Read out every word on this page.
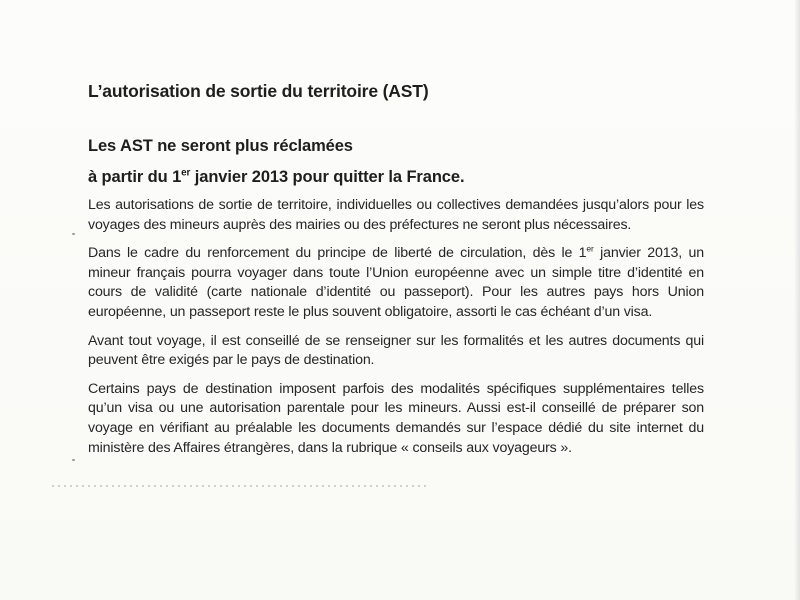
L’autorisation de sortie du territoire (AST)

Les AST ne seront plus réclamées

à partir du 1er janvier 2013 pour quitter la France.

Les autorisations de sortie de territoire, individuelles ou collectives demandées jusqu’alors pour les voyages des mineurs auprès des mairies ou des préfectures ne seront plus nécessaires.

Dans le cadre du renforcement du principe de liberté de circulation, dès le 1er janvier 2013, un mineur français pourra voyager dans toute l’Union européenne avec un simple titre d’identité en cours de validité (carte nationale d’identité ou passeport). Pour les autres pays hors Union européenne, un passeport reste le plus souvent obligatoire, assorti le cas échéant d’un visa.

Avant tout voyage, il est conseillé de se renseigner sur les formalités et les autres documents qui peuvent être exigés par le pays de destination.

Certains pays de destination imposent parfois des modalités spécifiques supplémentaires telles qu’un visa ou une autorisation parentale pour les mineurs. Aussi est-il conseillé de préparer son voyage en vérifiant au préalable les documents demandés sur l’espace dédié du site internet du ministère des Affaires étrangères, dans la rubrique « conseils aux voyageurs ».
